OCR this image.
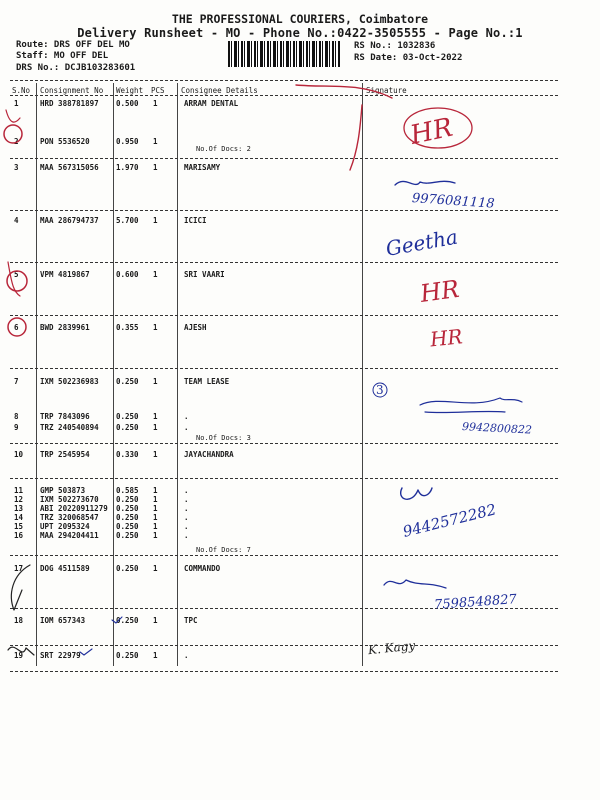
THE PROFESSIONAL COURIERS, Coimbatore
Delivery Runsheet - MO - Phone No.:0422-3505555 - Page No.:1
Route: DRS OFF DEL MO
Staff: MO OFF DEL
DRS No.: DCJB103283601
RS No.: 1032836
RS Date: 03-Oct-2022
S.No Consignment No Weight PCS Consignee Details	Signature
1	HRD 388781897 0.500 1	ARRAM DENTAL
2	PON 5536520	0.950 1
3	MAA 567315056 1.970 1	MARISAMY
4	MAA 286794737 5.700 1	ICICI
5	VPM 4819867	0.600 1	SRI VAARI
6	BWD 2839961	0.355 1	AJESH
7	IXM 502236983 0.250 1	TEAM LEASE
8	TRP 7843096	0.250 1	.
9	TRZ 240540894 0.250 1	.
10 TRP 2545954	0.330 1	JAYACHANDRA
11 GMP 503873	0.585 1	.
12 IXM 502273670 0.250 1	.
13 ABI 20220911279 0.250 1	.
14 TRZ 320068547 0.250 1	.
15 UPT 2095324	0.250 1	.
16 MAA 294204411 0.250 1	.
17 DOG 4511589	0.250 1	COMMANDO
18 IOM 657343	0.250 1	TPC
19 SRT 22979	0.250 1	.
No.Of Docs: 2
No.Of Docs: 3
No.Of Docs: 7
HR
HR
HR
9976081118
Geetha
3
9942800822
9442572282
7598548827
K. Kagy
